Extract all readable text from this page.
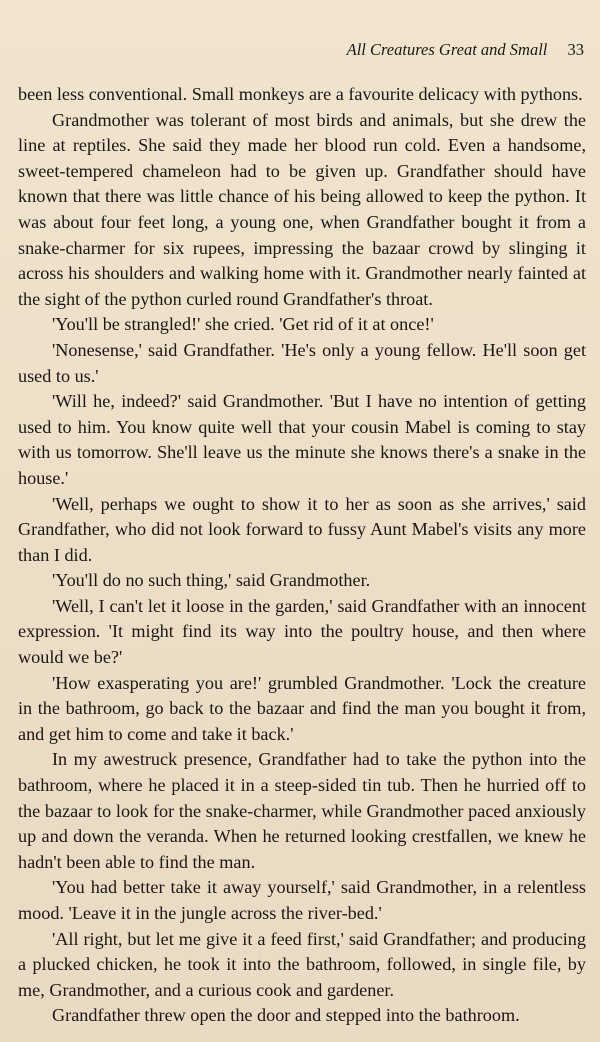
All Creatures Great and Small 33

been less conventional. Small monkeys are a favourite delicacy with pythons.

Grandmother was tolerant of most birds and animals, but she drew the line at reptiles. She said they made her blood run cold. Even a handsome, sweet-tempered chameleon had to be given up. Grandfather should have known that there was little chance of his being allowed to keep the python. It was about four feet long, a young one, when Grandfather bought it from a snake-charmer for six rupees, impressing the bazaar crowd by slinging it across his shoulders and walking home with it. Grandmother nearly fainted at the sight of the python curled round Grandfather's throat.

'You'll be strangled!' she cried. 'Get rid of it at once!'

'Nonesense,' said Grandfather. 'He's only a young fellow. He'll soon get used to us.'

'Will he, indeed?' said Grandmother. 'But I have no intention of getting used to him. You know quite well that your cousin Mabel is coming to stay with us tomorrow. She'll leave us the minute she knows there's a snake in the house.'

'Well, perhaps we ought to show it to her as soon as she arrives,' said Grandfather, who did not look forward to fussy Aunt Mabel's visits any more than I did.

'You'll do no such thing,' said Grandmother.

'Well, I can't let it loose in the garden,' said Grandfather with an innocent expression. 'It might find its way into the poultry house, and then where would we be?'

'How exasperating you are!' grumbled Grandmother. 'Lock the creature in the bathroom, go back to the bazaar and find the man you bought it from, and get him to come and take it back.'

In my awestruck presence, Grandfather had to take the python into the bathroom, where he placed it in a steep-sided tin tub. Then he hurried off to the bazaar to look for the snake-charmer, while Grandmother paced anxiously up and down the veranda. When he returned looking crestfallen, we knew he hadn't been able to find the man.

'You had better take it away yourself,' said Grandmother, in a relentless mood. 'Leave it in the jungle across the river-bed.'

'All right, but let me give it a feed first,' said Grandfather; and producing a plucked chicken, he took it into the bathroom, followed, in single file, by me, Grandmother, and a curious cook and gardener.

Grandfather threw open the door and stepped into the bathroom.
